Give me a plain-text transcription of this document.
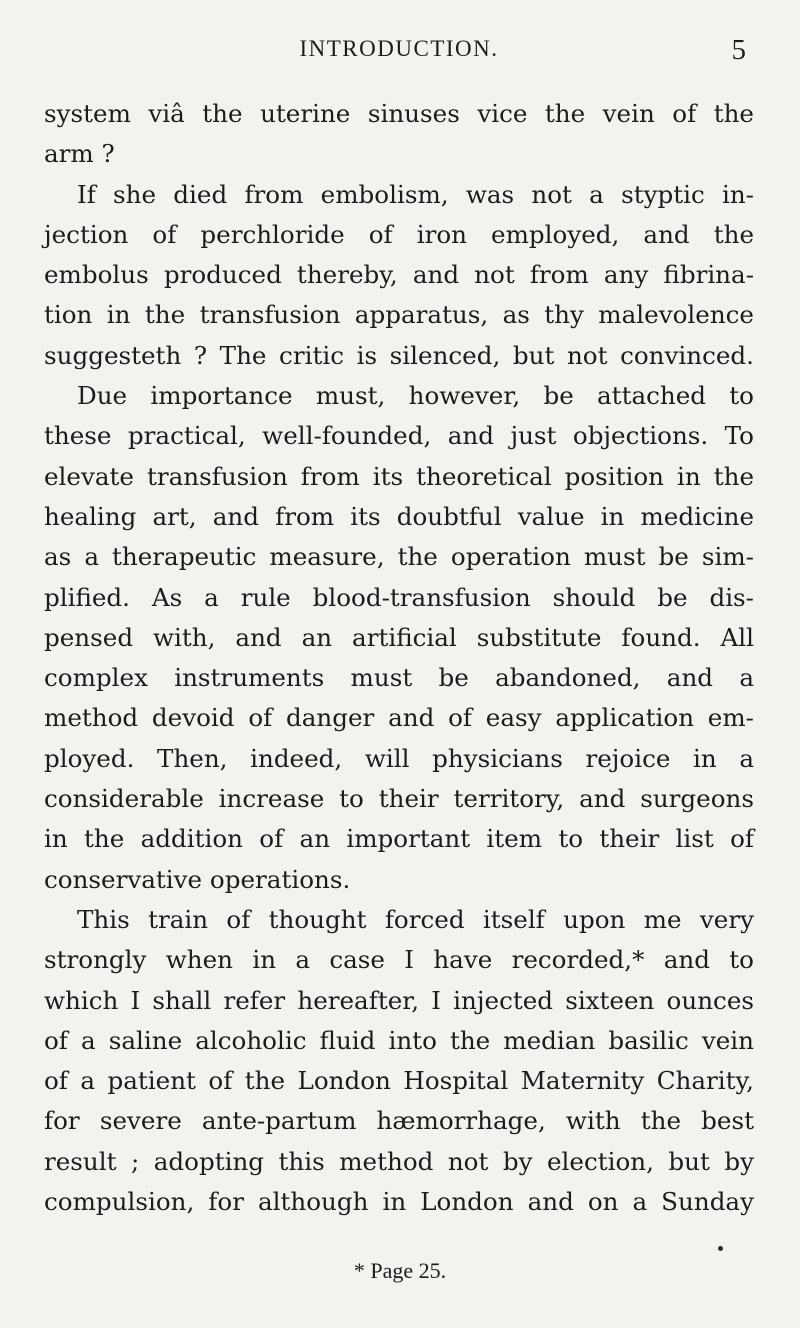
INTRODUCTION.	5
system viâ the uterine sinuses vice the vein of the
arm ?
If she died from embolism, was not a styptic in-
jection of perchloride of iron employed, and the
embolus produced thereby, and not from any fibrina-
tion in the transfusion apparatus, as thy malevolence
suggesteth ? The critic is silenced, but not convinced.
Due importance must, however, be attached to
these practical, well-founded, and just objections. To
elevate transfusion from its theoretical position in the
healing art, and from its doubtful value in medicine
as a therapeutic measure, the operation must be sim-
plified. As a rule blood-transfusion should be dis-
pensed with, and an artificial substitute found. All
complex instruments must be abandoned, and a
method devoid of danger and of easy application em-
ployed. Then, indeed, will physicians rejoice in a
considerable increase to their territory, and surgeons
in the addition of an important item to their list of
conservative operations.
This train of thought forced itself upon me very
strongly when in a case I have recorded,* and to
which I shall refer hereafter, I injected sixteen ounces
of a saline alcoholic fluid into the median basilic vein
of a patient of the London Hospital Maternity Charity,
for severe ante-partum hæmorrhage, with the best
result ; adopting this method not by election, but by
compulsion, for although in London and on a Sunday
* Page 25.
